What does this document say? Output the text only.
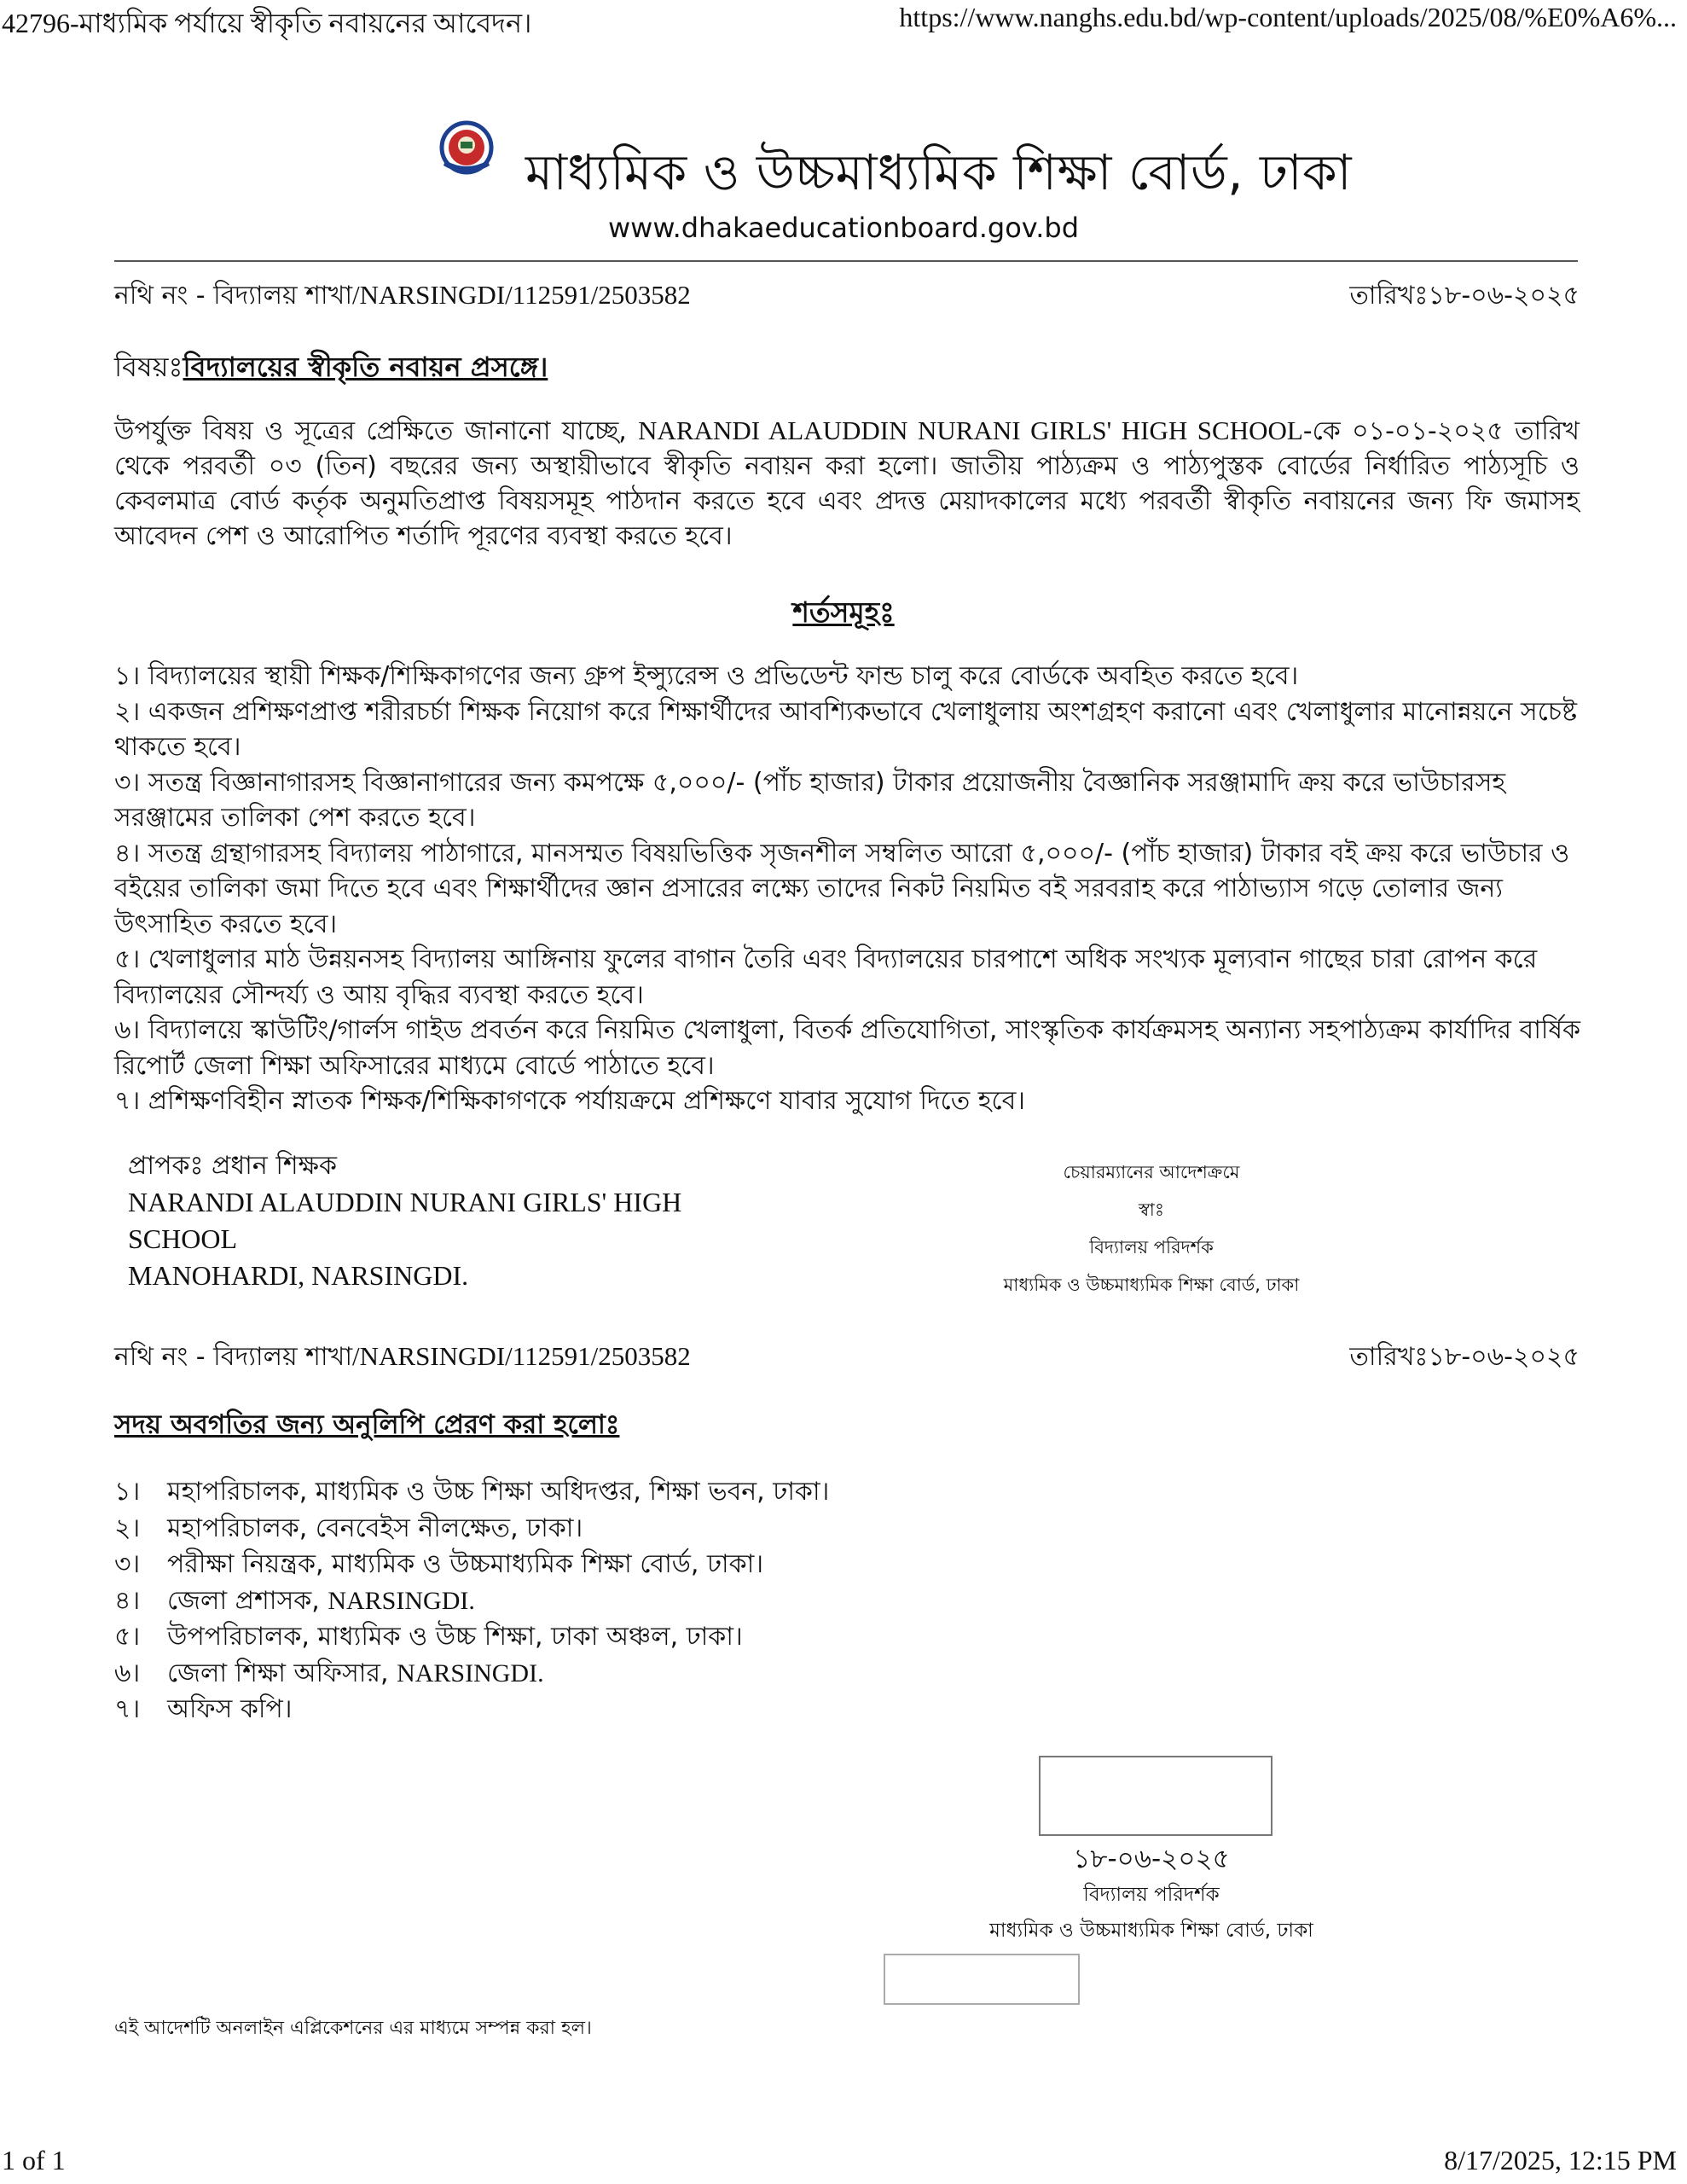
42796-মাধ্যমিক পর্যায়ে স্বীকৃতি নবায়নের আবেদন।	https://www.nanghs.edu.bd/wp-content/uploads/2025/08/%E0%A6%...
মাধ্যমিক ও উচ্চমাধ্যমিক শিক্ষা বোর্ড, ঢাকা
www.dhakaeducationboard.gov.bd
নথি নং - বিদ্যালয় শাখা/NARSINGDI/112591/2503582	তারিখঃ১৮-০৬-২০২৫
বিষয়ঃবিদ্যালয়ের স্বীকৃতি নবায়ন প্রসঙ্গে।
উপর্যুক্ত বিষয় ও সূত্রের প্রেক্ষিতে জানানো যাচ্ছে, NARANDI ALAUDDIN NURANI GIRLS' HIGH SCHOOL-কে ০১-০১-২০২৫ তারিখ থেকে পরবর্তী ০৩ (তিন) বছরের জন্য অস্থায়ীভাবে স্বীকৃতি নবায়ন করা হলো। জাতীয় পাঠ্যক্রম ও পাঠ্যপুস্তক বোর্ডের নির্ধারিত পাঠ্যসূচি ও কেবলমাত্র বোর্ড কর্তৃক অনুমতিপ্রাপ্ত বিষয়সমূহ পাঠদান করতে হবে এবং প্রদত্ত মেয়াদকালের মধ্যে পরবর্তী স্বীকৃতি নবায়নের জন্য ফি জমাসহ আবেদন পেশ ও আরোপিত শর্তাদি পূরণের ব্যবস্থা করতে হবে।
শর্তসমূহঃ

১। বিদ্যালয়ের স্থায়ী শিক্ষক/শিক্ষিকাগণের জন্য গ্রুপ ইন্স্যুরেন্স ও প্রভিডেন্ট ফান্ড চালু করে বোর্ডকে অবহিত করতে হবে।

২। একজন প্রশিক্ষণপ্রাপ্ত শরীরচর্চা শিক্ষক নিয়োগ করে শিক্ষার্থীদের আবশ্যিকভাবে খেলাধুলায় অংশগ্রহণ করানো এবং খেলাধুলার মানোন্নয়নে সচেষ্ট থাকতে হবে।

৩। সতন্ত্র বিজ্ঞানাগারসহ বিজ্ঞানাগারের জন্য কমপক্ষে ৫,০০০/- (পাঁচ হাজার) টাকার প্রয়োজনীয় বৈজ্ঞানিক সরঞ্জামাদি ক্রয় করে ভাউচারসহ সরঞ্জামের তালিকা পেশ করতে হবে।

৪। সতন্ত্র গ্রন্থাগারসহ বিদ্যালয় পাঠাগারে, মানসম্মত বিষয়ভিত্তিক সৃজনশীল সম্বলিত আরো ৫,০০০/- (পাঁচ হাজার) টাকার বই ক্রয় করে ভাউচার ও বইয়ের তালিকা জমা দিতে হবে এবং শিক্ষার্থীদের জ্ঞান প্রসারের লক্ষ্যে তাদের নিকট নিয়মিত বই সরবরাহ করে পাঠাভ্যাস গড়ে তোলার জন্য উৎসাহিত করতে হবে।

৫। খেলাধুলার মাঠ উন্নয়নসহ বিদ্যালয় আঙ্গিনায় ফুলের বাগান তৈরি এবং বিদ্যালয়ের চারপাশে অধিক সংখ্যক মূল্যবান গাছের চারা রোপন করে বিদ্যালয়ের সৌন্দর্য্য ও আয় বৃদ্ধির ব্যবস্থা করতে হবে।

৬। বিদ্যালয়ে স্কাউটিং/গার্লস গাইড প্রবর্তন করে নিয়মিত খেলাধুলা, বিতর্ক প্রতিযোগিতা, সাংস্কৃতিক কার্যক্রমসহ অন্যান্য সহপাঠ্যক্রম কার্যাদির বার্ষিক রিপোর্ট জেলা শিক্ষা অফিসারের মাধ্যমে বোর্ডে পাঠাতে হবে।

৭। প্রশিক্ষণবিহীন স্নাতক শিক্ষক/শিক্ষিকাগণকে পর্যায়ক্রমে প্রশিক্ষণে যাবার সুযোগ দিতে হবে।

প্রাপকঃ প্রধান শিক্ষক
NARANDI ALAUDDIN NURANI GIRLS' HIGH
SCHOOL
MANOHARDI, NARSINGDI.
চেয়ারম্যানের আদেশক্রমে
স্বাঃ
বিদ্যালয় পরিদর্শক
মাধ্যমিক ও উচ্চমাধ্যমিক শিক্ষা বোর্ড, ঢাকা
নথি নং - বিদ্যালয় শাখা/NARSINGDI/112591/2503582	তারিখঃ১৮-০৬-২০২৫
সদয় অবগতির জন্য অনুলিপি প্রেরণ করা হলোঃ
১। মহাপরিচালক, মাধ্যমিক ও উচ্চ শিক্ষা অধিদপ্তর, শিক্ষা ভবন, ঢাকা।
২। মহাপরিচালক, বেনবেইস নীলক্ষেত, ঢাকা।
৩। পরীক্ষা নিয়ন্ত্রক, মাধ্যমিক ও উচ্চমাধ্যমিক শিক্ষা বোর্ড, ঢাকা।
৪। জেলা প্রশাসক, NARSINGDI.
৫। উপপরিচালক, মাধ্যমিক ও উচ্চ শিক্ষা, ঢাকা অঞ্চল, ঢাকা।
৬। জেলা শিক্ষা অফিসার, NARSINGDI.
৭। অফিস কপি।
১৮-০৬-২০২৫
বিদ্যালয় পরিদর্শক
মাধ্যমিক ও উচ্চমাধ্যমিক শিক্ষা বোর্ড, ঢাকা
এই আদেশটি অনলাইন এপ্লিকেশনের এর মাধ্যমে সম্পন্ন করা হল।
1 of 1	8/17/2025, 12:15 PM
